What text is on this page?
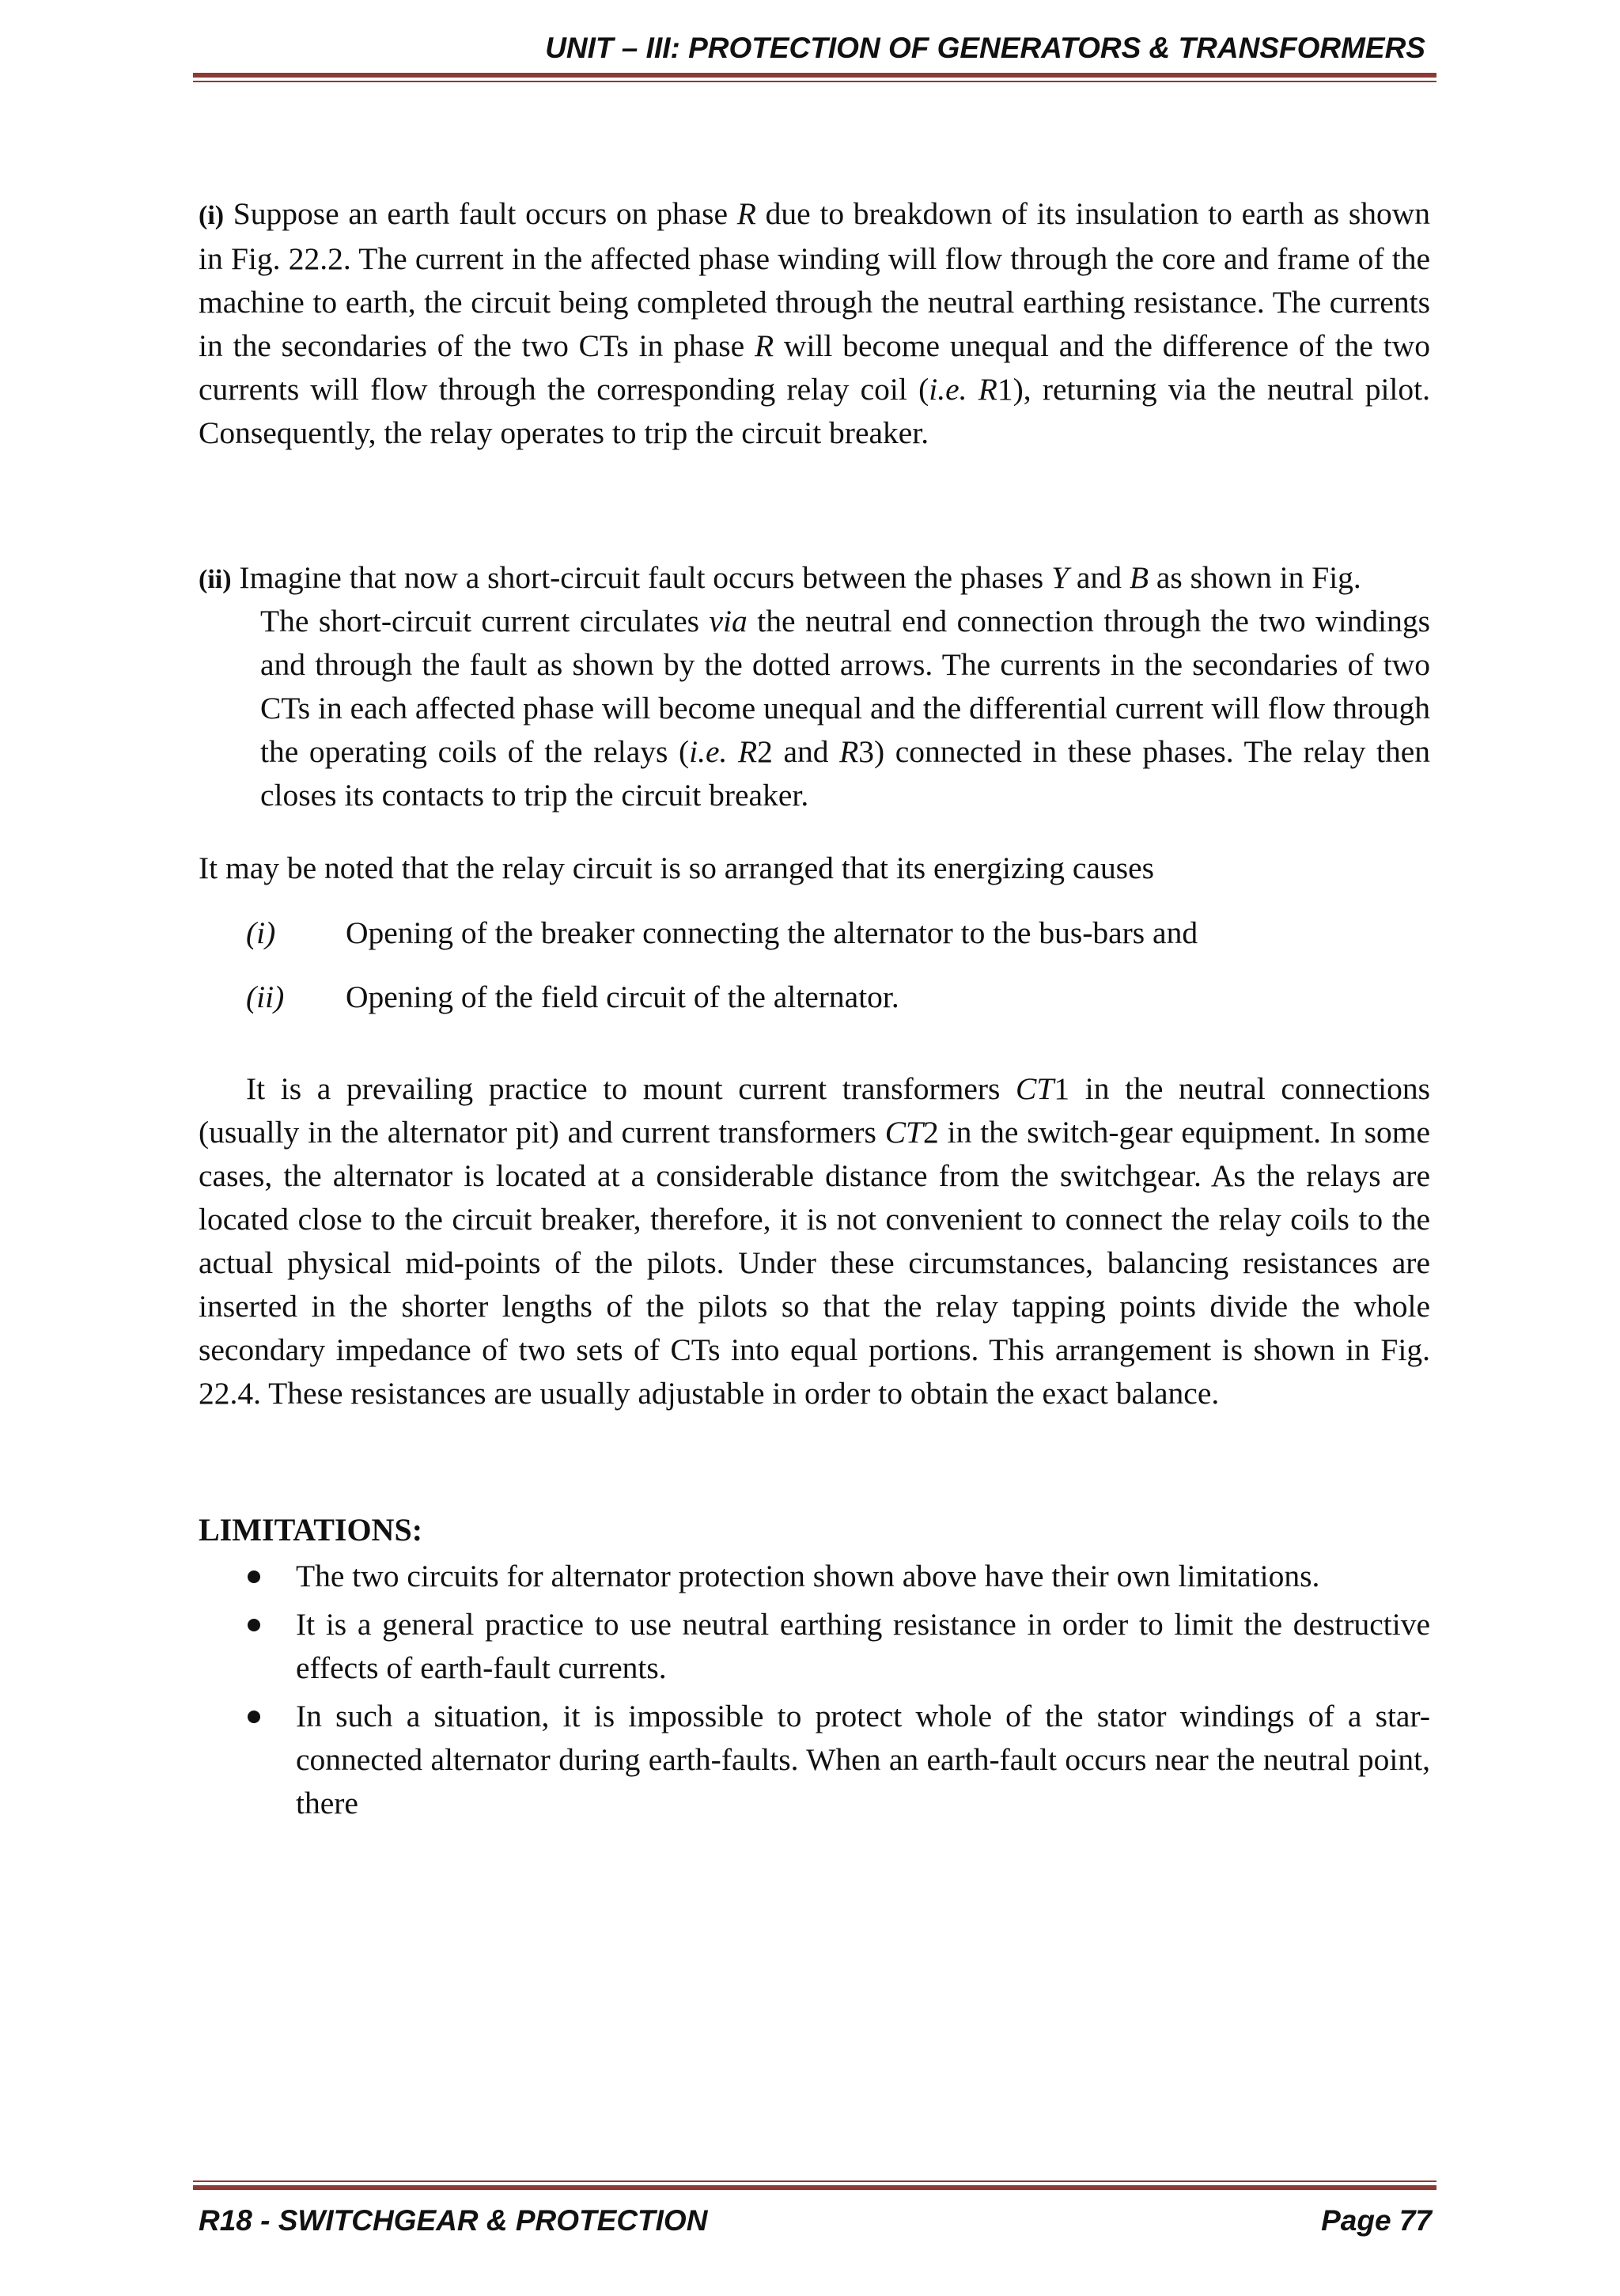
UNIT – III: PROTECTION OF GENERATORS & TRANSFORMERS
(i) Suppose an earth fault occurs on phase R due to breakdown of its insulation to earth as shown in Fig. 22.2. The current in the affected phase winding will flow through the core and frame of the machine to earth, the circuit being completed through the neutral earthing resistance. The currents in the secondaries of the two CTs in phase R will become unequal and the difference of the two currents will flow through the corresponding relay coil (i.e. R1), returning via the neutral pilot. Consequently, the relay operates to trip the circuit breaker.
(ii) Imagine that now a short-circuit fault occurs between the phases Y and B as shown in Fig.
The short-circuit current circulates via the neutral end connection through the two windings and through the fault as shown by the dotted arrows. The currents in the secondaries of two CTs in each affected phase will become unequal and the differential current will flow through the operating coils of the relays (i.e. R2 and R3) connected in these phases. The relay then closes its contacts to trip the circuit breaker.
It may be noted that the relay circuit is so arranged that its energizing causes
(i) Opening of the breaker connecting the alternator to the bus-bars and
(ii) Opening of the field circuit of the alternator.
It is a prevailing practice to mount current transformers CT1 in the neutral connections (usually in the alternator pit) and current transformers CT2 in the switch-gear equipment. In some cases, the alternator is located at a considerable distance from the switchgear. As the relays are located close to the circuit breaker, therefore, it is not convenient to connect the relay coils to the actual physical mid-points of the pilots. Under these circumstances, balancing resistances are inserted in the shorter lengths of the pilots so that the relay tapping points divide the whole secondary impedance of two sets of CTs into equal portions. This arrangement is shown in Fig. 22.4. These resistances are usually adjustable in order to obtain the exact balance.
LIMITATIONS:
The two circuits for alternator protection shown above have their own limitations.
It is a general practice to use neutral earthing resistance in order to limit the destructive effects of earth-fault currents.
In such a situation, it is impossible to protect whole of the stator windings of a star-connected alternator during earth-faults. When an earth-fault occurs near the neutral point, there
R18 - SWITCHGEAR & PROTECTION	Page 77
